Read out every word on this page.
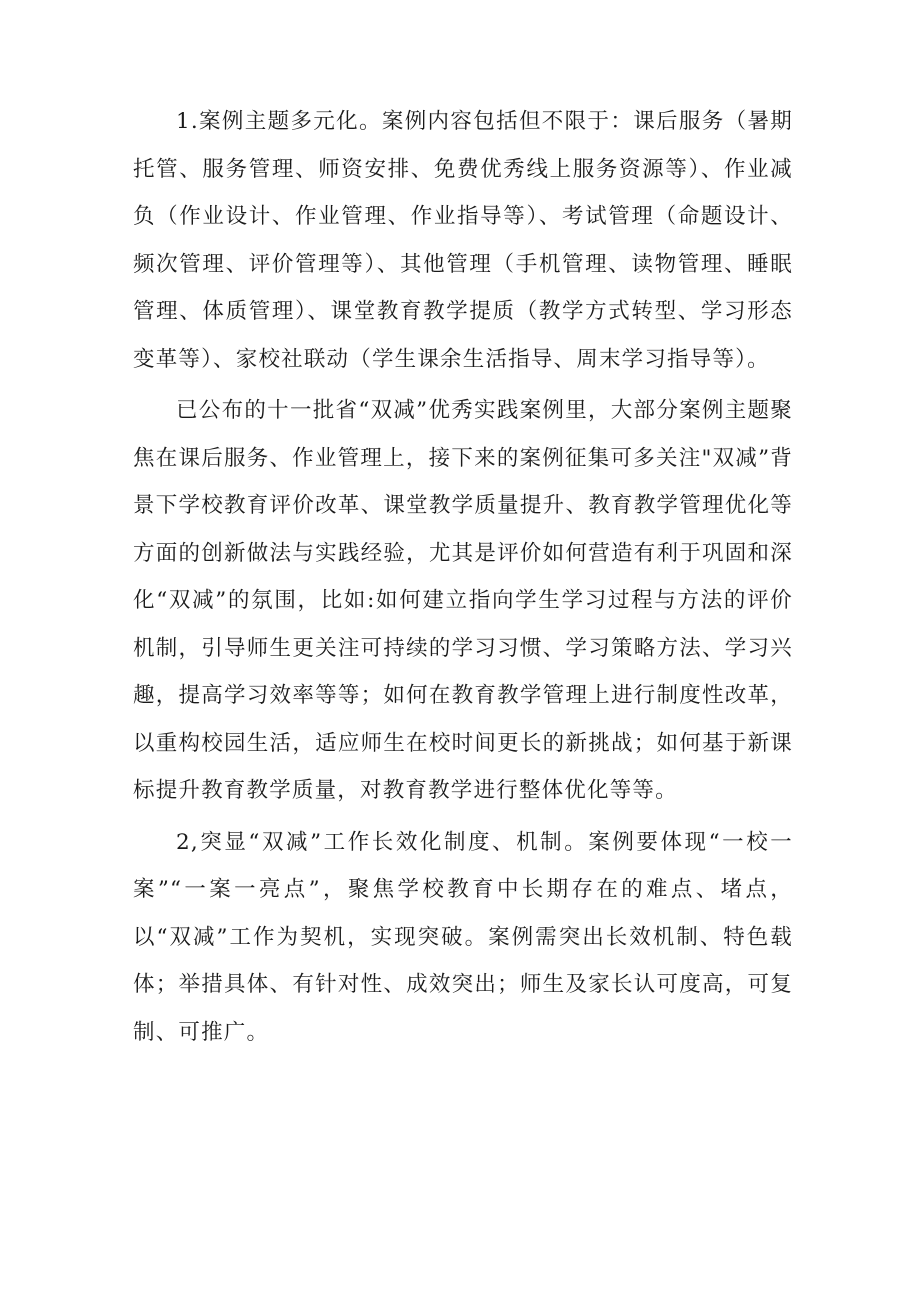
1.案例主题多元化。案例内容包括但不限于：课后服务（暑期托管、服务管理、师资安排、免费优秀线上服务资源等）、作业减负（作业设计、作业管理、作业指导等）、考试管理（命题设计、频次管理、评价管理等）、其他管理（手机管理、读物管理、睡眠管理、体质管理）、课堂教育教学提质（教学方式转型、学习形态变革等）、家校社联动（学生课余生活指导、周末学习指导等）。

已公布的十一批省“双减”优秀实践案例里，大部分案例主题聚焦在课后服务、作业管理上，接下来的案例征集可多关注"双减”背景下学校教育评价改革、课堂教学质量提升、教育教学管理优化等方面的创新做法与实践经验，尤其是评价如何营造有利于巩固和深化“双减”的氛围，比如:如何建立指向学生学习过程与方法的评价机制，引导师生更关注可持续的学习习惯、学习策略方法、学习兴趣，提高学习效率等等；如何在教育教学管理上进行制度性改革，以重构校园生活，适应师生在校时间更长的新挑战；如何基于新课标提升教育教学质量，对教育教学进行整体优化等等。

2,突显“双减”工作长效化制度、机制。案例要体现“一校一案”“一案一亮点”，聚焦学校教育中长期存在的难点、堵点，以“双减”工作为契机，实现突破。案例需突出长效机制、特色载体；举措具体、有针对性、成效突出；师生及家长认可度高，可复制、可推广。
